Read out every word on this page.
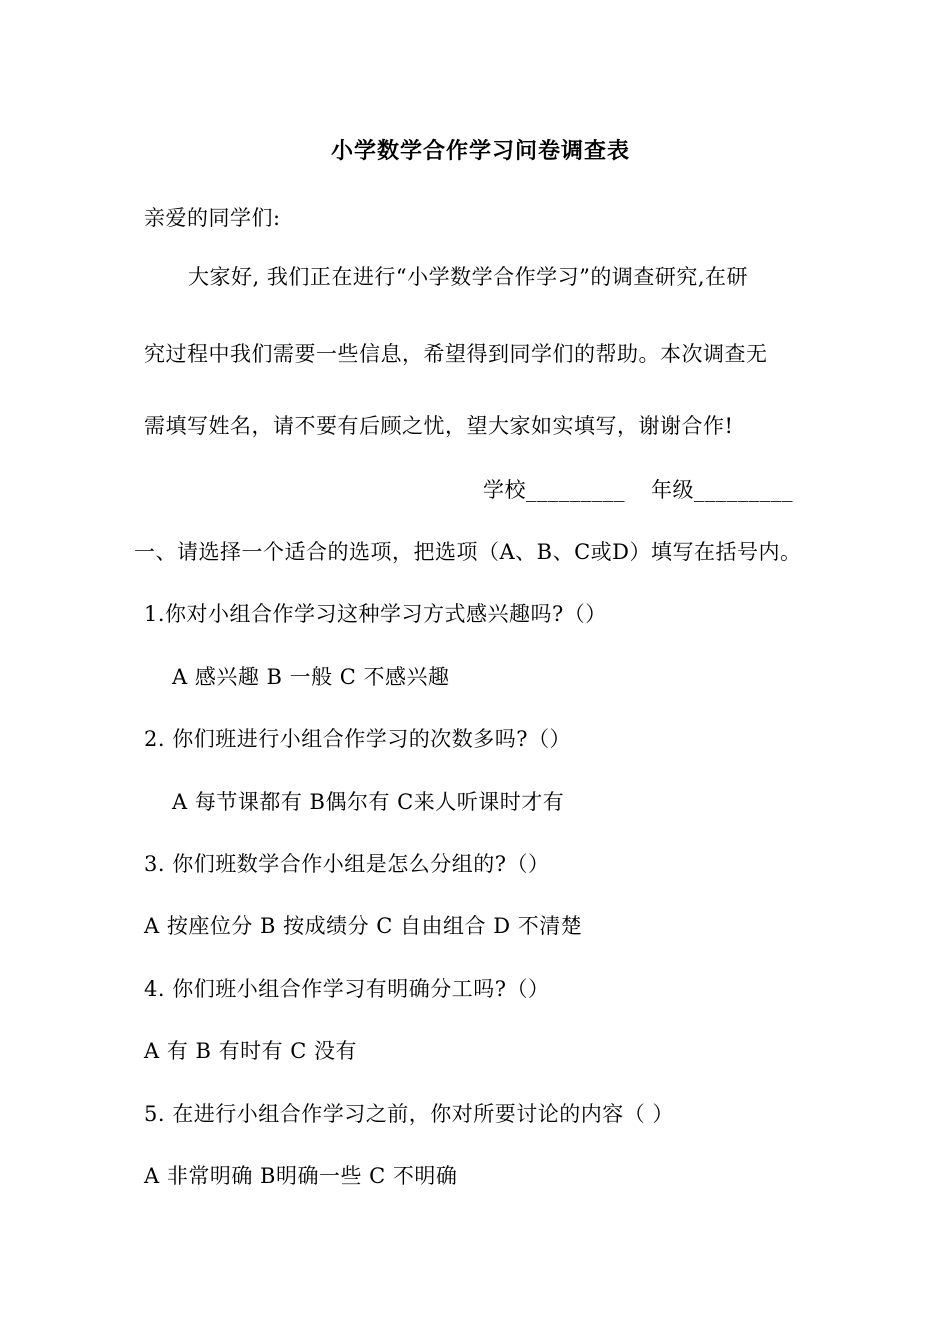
小学数学合作学习问卷调查表
亲爱的同学们:
大家好, 我们正在进行“小学数学合作学习”的调查研究,在研
究过程中我们需要一些信息，希望得到同学们的帮助。本次调查无
需填写姓名，请不要有后顾之忧，望大家如实填写，谢谢合作!
学校_________ 年级_________
一、请选择一个适合的选项，把选项（A、B、C或D）填写在括号内。
1.你对小组合作学习这种学习方式感兴趣吗?（）
A 感兴趣 B 一般 C 不感兴趣
2. 你们班进行小组合作学习的次数多吗?（）
A 每节课都有 B偶尔有 C来人听课时才有
3. 你们班数学合作小组是怎么分组的?（）
A 按座位分 B 按成绩分 C 自由组合 D 不清楚
4. 你们班小组合作学习有明确分工吗?（）
A 有 B 有时有 C 没有
5. 在进行小组合作学习之前，你对所要讨论的内容（ ）
A 非常明确 B明确一些 C 不明确
